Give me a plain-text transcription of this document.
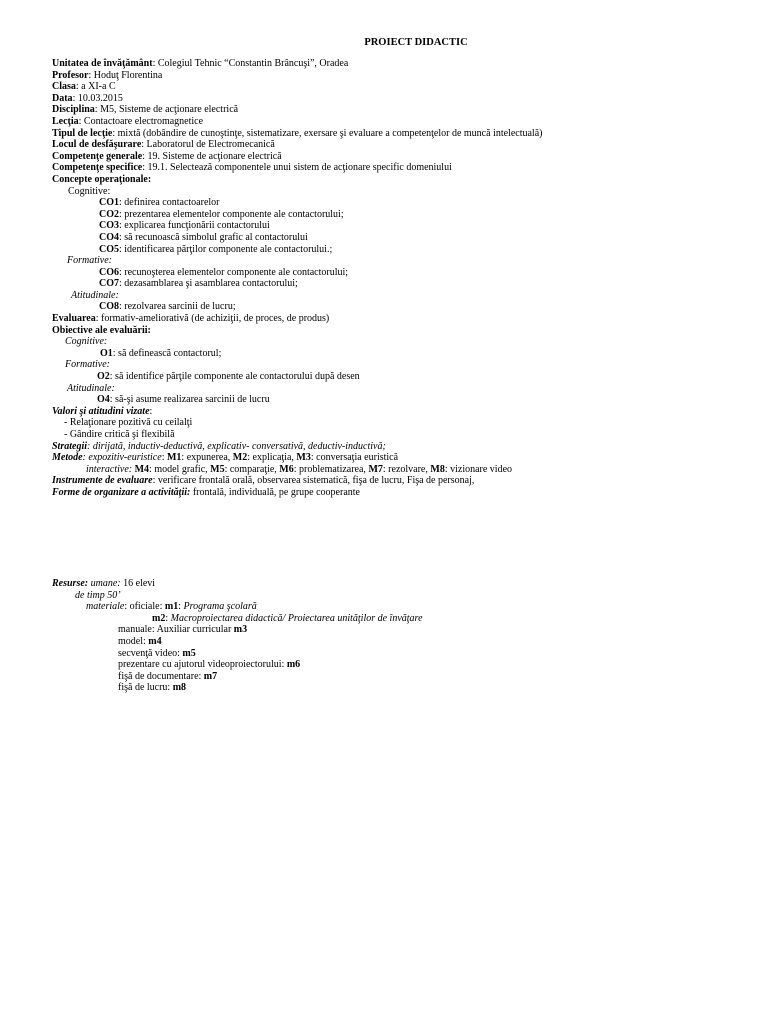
PROIECT DIDACTIC
Unitatea de învăţământ: Colegiul Tehnic “Constantin Brâncuşi”, Oradea
Profesor: Hoduţ Florentina
Clasa: a XI-a C
Data: 10.03.2015
Disciplina: M5, Sisteme de acţionare electrică
Lecţia: Contactoare electromagnetice
Tipul de lecţie: mixtă (dobândire de cunoştinţe, sistematizare, exersare şi evaluare a competenţelor de muncă intelectuală)
Locul de desfăşurare: Laboratorul de Electromecanică
Competenţe generale: 19. Sisteme de acţionare electrică
Competenţe specifice: 19.1. Selectează componentele unui sistem de acţionare specific domeniului
Concepte operaţionale:
Cognitive:
CO1: definirea contactoarelor
CO2: prezentarea elementelor componente ale contactorului;
CO3: explicarea funcţionării contactorului
CO4: să recunoască simbolul grafic al contactorului
CO5: identificarea părţilor componente ale contactorului.;
Formative:
CO6: recunoşterea elementelor componente ale contactorului;
CO7: dezasamblarea şi asamblarea contactorului;
Atitudinale:
CO8: rezolvarea sarcinii de lucru;
Evaluarea: formativ-ameliorativă (de achiziţii, de proces, de produs)
Obiective ale evaluării:
Cognitive:
O1: să definească contactorul;
Formative:
O2: să identifice părţile componente ale contactorului după desen
Atitudinale:
O4: să-şi asume realizarea sarcinii de lucru
Valori şi atitudini vizate:
- Relaţionare pozitivă cu ceilalţi
- Gândire critică şi flexibilă
Strategii: dirijată, inductiv-deductivă, explicativ- conversativă, deductiv-inductivă;
Metode: expozitiv-euristice: M1: expunerea, M2: explicaţia, M3: conversaţia euristică
interactive: M4: model grafic, M5: comparaţie, M6: problematizarea, M7: rezolvare, M8: vizionare video
Instrumente de evaluare: verificare frontală orală, observarea sistematică, fişa de lucru, Fişa de personaj,
Forme de organizare a activităţii: frontală, individuală, pe grupe cooperante
Resurse: umane: 16 elevi
de timp 50’
materiale: oficiale: m1: Programa şcolară
m2: Macroproiectarea didactică/ Proiectarea unităţilor de învăţare
manuale: Auxiliar curricular m3
model: m4
secvenţă video: m5
prezentare cu ajutorul videoproiectorului: m6
fişă de documentare: m7
fişă de lucru: m8
